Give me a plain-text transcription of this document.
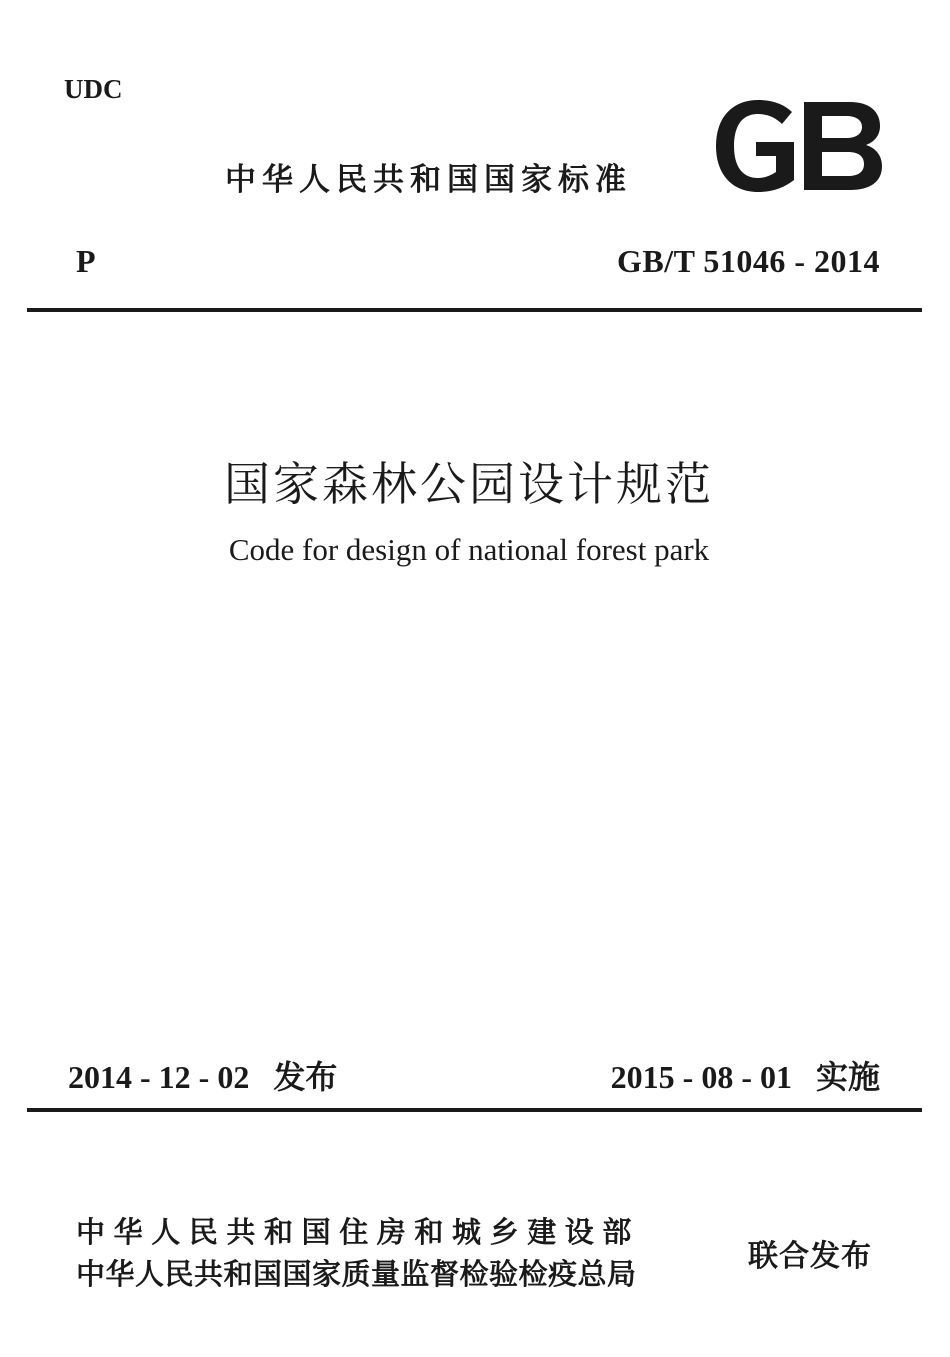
UDC
中华人民共和国国家标准
P	GB/T 51046 - 2014
国家森林公园设计规范
Code for design of national forest park
2014 - 12 - 02   发布	2015 - 08 - 01   实施
中华人民共和国住房和城乡建设部
中华人民共和国国家质量监督检验检疫总局	联合发布
